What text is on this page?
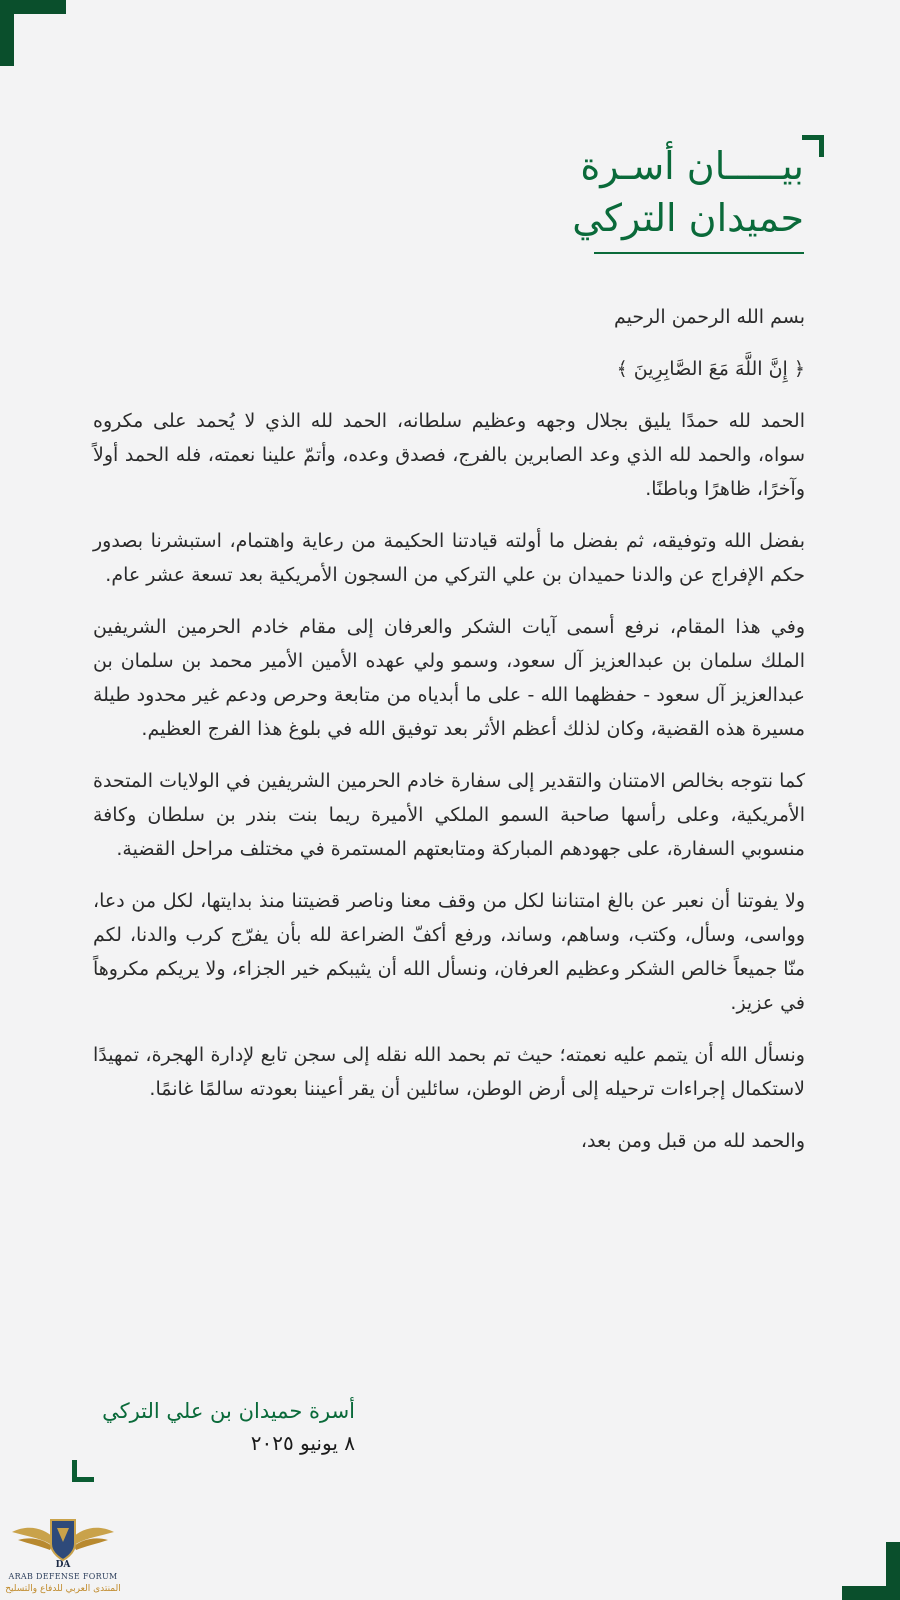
بيـــــان أسـرة
حميدان التركي

بسم الله الرحمن الرحيم

﴿ إِنَّ اللَّهَ مَعَ الصَّابِرِينَ ﴾

الحمد لله حمدًا يليق بجلال وجهه وعظيم سلطانه، الحمد لله الذي لا يُحمد على مكروه سواه، والحمد لله الذي وعد الصابرين بالفرج، فصدق وعده، وأتمّ علينا نعمته، فله الحمد أولاً وآخرًا، ظاهرًا وباطنًا.

بفضل الله وتوفيقه، ثم بفضل ما أولته قيادتنا الحكيمة من رعاية واهتمام، استبشرنا بصدور حكم الإفراج عن والدنا حميدان بن علي التركي من السجون الأمريكية بعد تسعة عشر عام.

وفي هذا المقام، نرفع أسمى آيات الشكر والعرفان إلى مقام خادم الحرمين الشريفين الملك سلمان بن عبدالعزيز آل سعود، وسمو ولي عهده الأمين الأمير محمد بن سلمان بن عبدالعزيز آل سعود - حفظهما الله - على ما أبدياه من متابعة وحرص ودعم غير محدود طيلة مسيرة هذه القضية، وكان لذلك أعظم الأثر بعد توفيق الله في بلوغ هذا الفرج العظيم.

كما نتوجه بخالص الامتنان والتقدير إلى سفارة خادم الحرمين الشريفين في الولايات المتحدة الأمريكية، وعلى رأسها صاحبة السمو الملكي الأميرة ريما بنت بندر بن سلطان وكافة منسوبي السفارة، على جهودهم المباركة ومتابعتهم المستمرة في مختلف مراحل القضية.

ولا يفوتنا أن نعبر عن بالغ امتناننا لكل من وقف معنا وناصر قضيتنا منذ بدايتها، لكل من دعا، وواسى، وسأل، وكتب، وساهم، وساند، ورفع أكفّ الضراعة لله بأن يفرّج كرب والدنا، لكم منّا جميعاً خالص الشكر وعظيم العرفان، ونسأل الله أن يثيبكم خير الجزاء، ولا يريكم مكروهاً في عزيز.

ونسأل الله أن يتمم عليه نعمته؛ حيث تم بحمد الله نقله إلى سجن تابع لإدارة الهجرة، تمهيدًا لاستكمال إجراءات ترحيله إلى أرض الوطن، سائلين أن يقر أعيننا بعودته سالمًا غانمًا.

والحمد لله من قبل ومن بعد،

أسرة حميدان بن علي التركي
٨ يونيو ٢٠٢٥
DA
ARAB DEFENSE FORUM
المنتدى العربي للدفاع والتسليح
